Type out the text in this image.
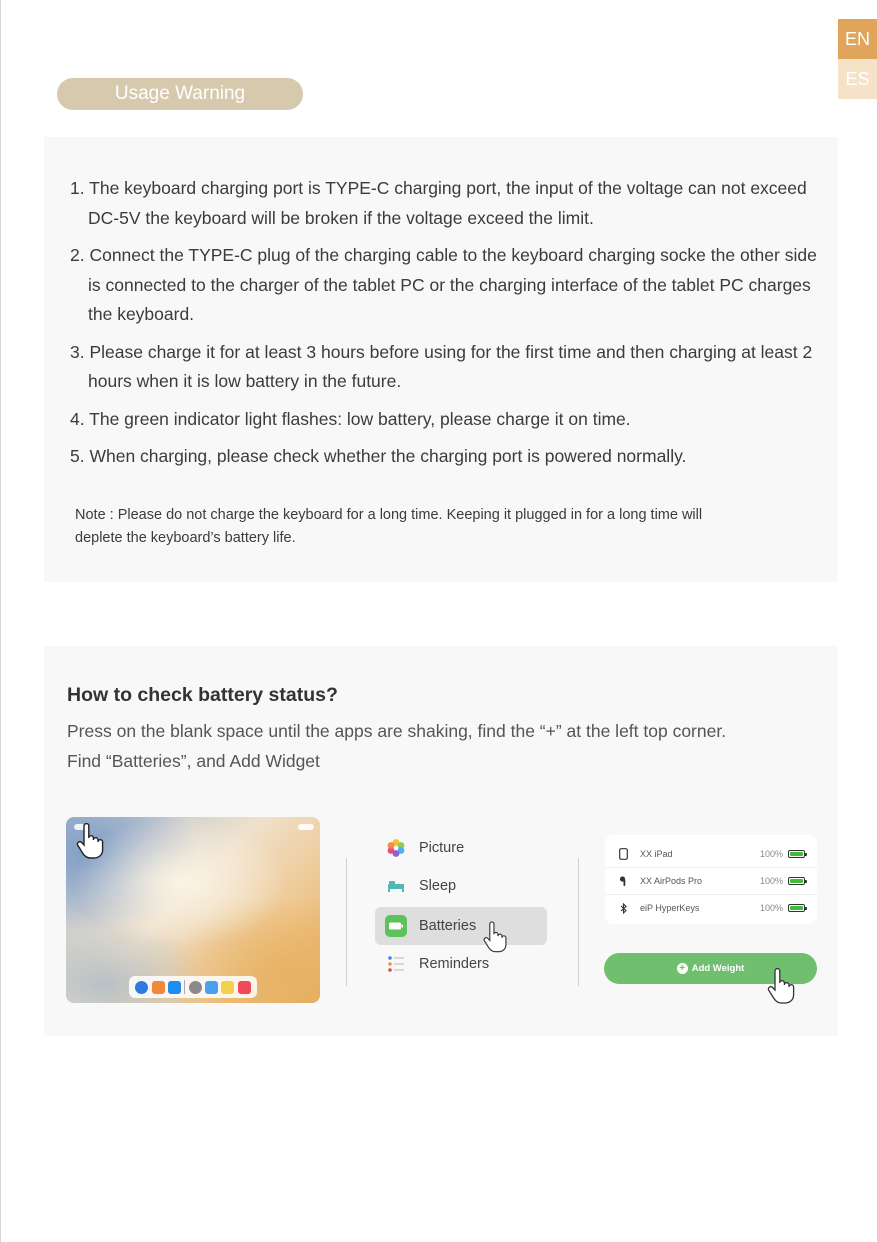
EN
ES
Usage Warning
1. The keyboard charging port is TYPE-C charging port, the input of the voltage can not exceed DC-5V the keyboard will be broken if the voltage exceed the limit.
2. Connect the TYPE-C plug of the charging cable to the keyboard charging socke the other side is connected to the charger of the tablet PC or the charging interface of the tablet PC charges the keyboard.
3. Please charge it for at least 3 hours before using for the first time and then charging at least 2 hours when it is low battery in the future.
4. The green indicator light flashes: low battery, please charge it on time.
5. When charging, please check whether the charging port is powered normally.

Note : Please do not charge the keyboard for a long time. Keeping it plugged in for a long time will deplete the keyboard’s battery life.

How to check battery status?
Press on the blank space until the apps are shaking, find the “+” at the left top corner.
Find “Batteries”, and Add Widget
Picture
Sleep
Batteries
Reminders
XX iPad	100%
XX AirPods Pro	100%
eiP HyperKeys	100%
+ Add Weight
